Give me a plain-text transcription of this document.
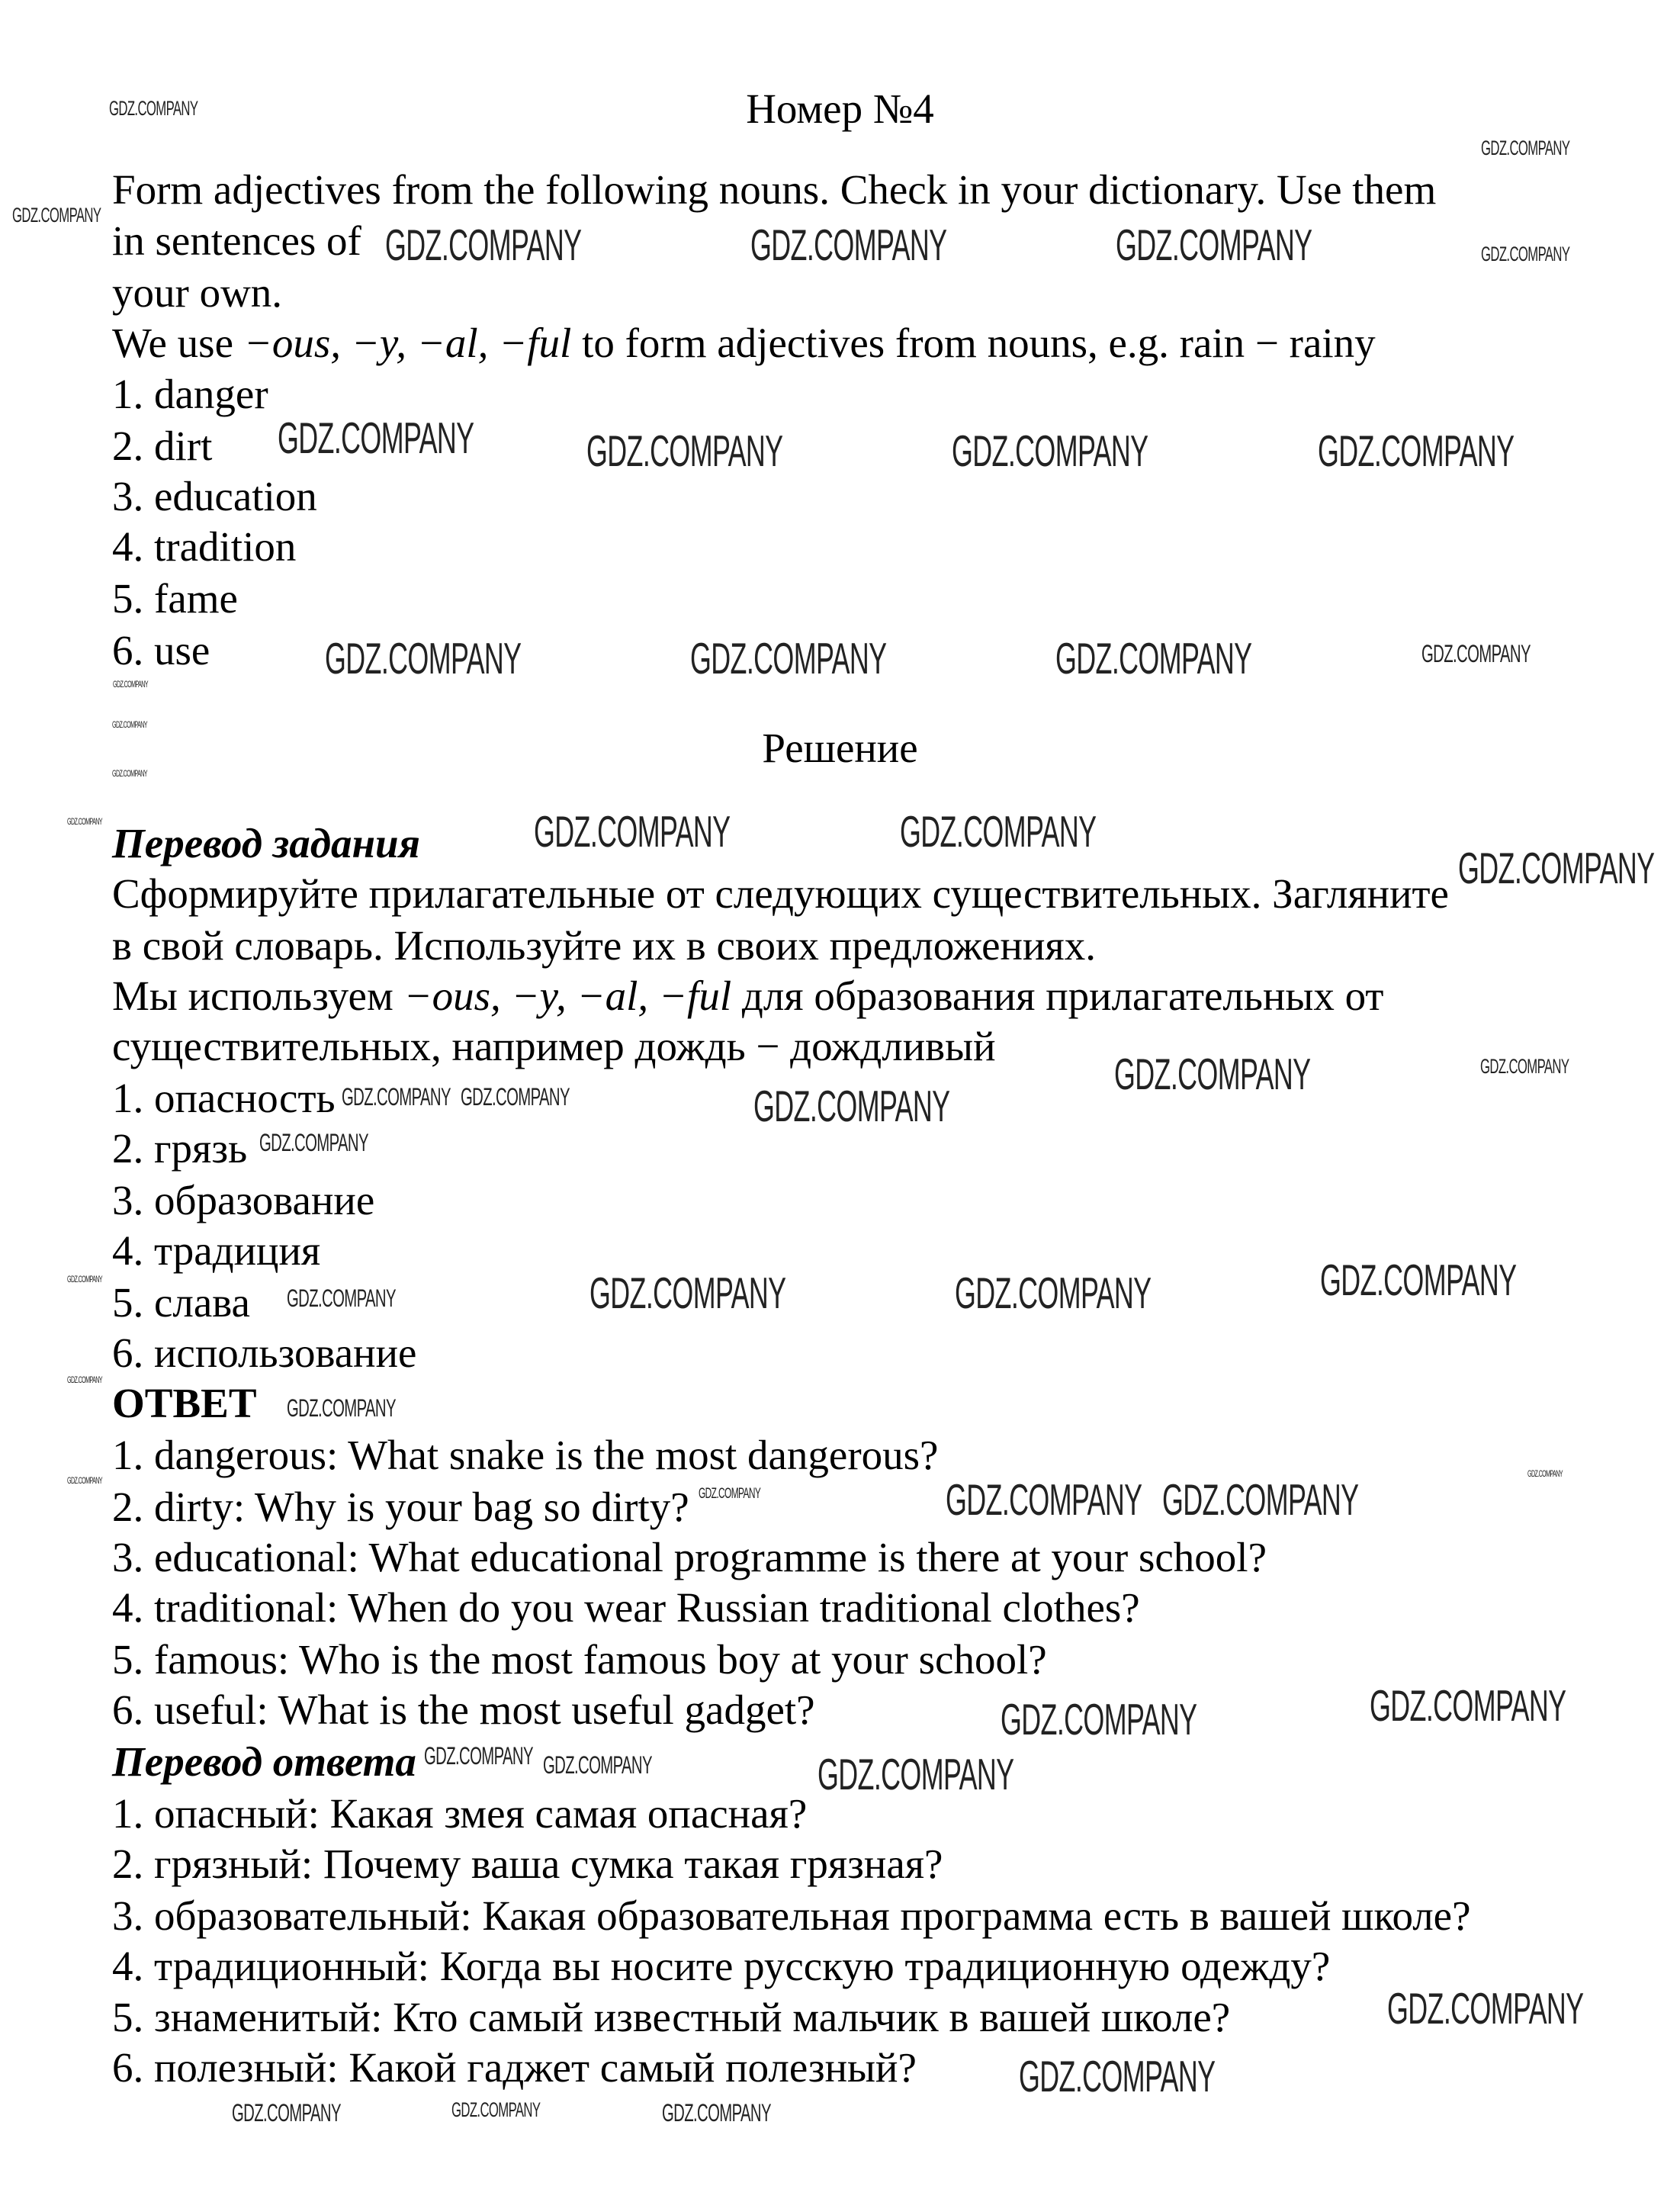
Номер №4
Form adjectives from the following nouns. Check in your dictionary. Use them
in sentences of
your own.
We use −ous, −y, −al, −ful to form adjectives from nouns, e.g. rain − rainy
1. danger
2. dirt
3. education
4. tradition
5. fame
6. use
Решение
Перевод задания
Сформируйте прилагательные от следующих существительных. Загляните
в свой словарь. Используйте их в своих предложениях.
Мы используем −ous, −y, −al, −ful для образования прилагательных от
существительных, например дождь − дождливый
1. опасность
2. грязь
3. образование
4. традиция
5. слава
6. использование
ОТВЕТ
1. dangerous: What snake is the most dangerous?
2. dirty: Why is your bag so dirty?
3. educational: What educational programme is there at your school?
4. traditional: When do you wear Russian traditional clothes?
5. famous: Who is the most famous boy at your school?
6. useful: What is the most useful gadget?
Перевод ответа
1. опасный: Какая змея самая опасная?
2. грязный: Почему ваша сумка такая грязная?
3. образовательный: Какая образовательная программа есть в вашей школе?
4. традиционный: Когда вы носите русскую традиционную одежду?
5. знаменитый: Кто самый известный мальчик в вашей школе?
6. полезный: Какой гаджет самый полезный?
GDZ.COMPANY
GDZ.COMPANY
GDZ.COMPANY
GDZ.COMPANY	GDZ.COMPANY	GDZ.COMPANY	GDZ.COMPANY
GDZ.COMPANY	GDZ.COMPANY	GDZ.COMPANY	GDZ.COMPANY
GDZ.COMPANY
GDZ.COMPANY	GDZ.COMPANY	GDZ.COMPANY	GDZ.COMPANY
GDZ.COMPANY
GDZ.COMPANY
GDZ.COMPANY	GDZ.COMPANY	GDZ.COMPANY
GDZ.COMPANY
GDZ.COMPANY GDZ.COMPANY	GDZ.COMPANY
GDZ.COMPANY	GDZ.COMPANY
GDZ.COMPANY
GDZ.COMPANY
GDZ.COMPANY	GDZ.COMPANY	GDZ.COMPANY	GDZ.COMPANY
GDZ.COMPANY
GDZ.COMPANY
GDZ.COMPANY
GDZ.COMPANY	GDZ.COMPANY GDZ.COMPANY
GDZ.COMPANY
GDZ.COMPANY
GDZ.COMPANY	GDZ.COMPANY
GDZ.COMPANY
GDZ.COMPANY
GDZ.COMPANY	GDZ.COMPANY
GDZ.COMPANY
GDZ.COMPANY
GDZ.COMPANY
